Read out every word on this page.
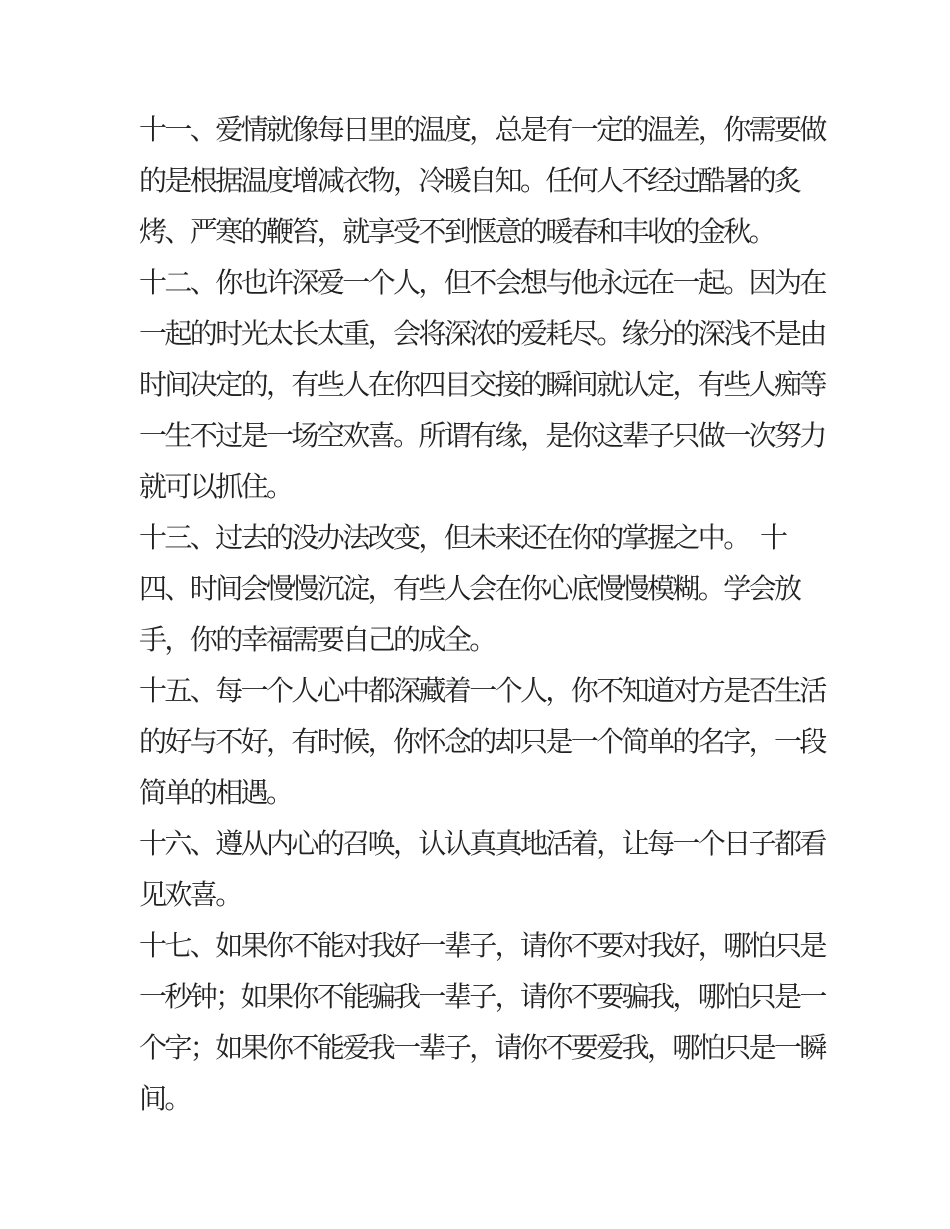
十一、爱情就像每日里的温度，总是有一定的温差，你需要做
的是根据温度增减衣物，冷暖自知。任何人不经过酷暑的炙
烤、严寒的鞭笞，就享受不到惬意的暖春和丰收的金秋。

十二、你也许深爱一个人，但不会想与他永远在一起。因为在
一起的时光太长太重，会将深浓的爱耗尽。缘分的深浅不是由
时间决定的，有些人在你四目交接的瞬间就认定，有些人痴等
一生不过是一场空欢喜。所谓有缘，是你这辈子只做一次努力
就可以抓住。

十三、过去的没办法改变，但未来还在你的掌握之中。　十
四、时间会慢慢沉淀，有些人会在你心底慢慢模糊。学会放
手，你的幸福需要自己的成全。

十五、每一个人心中都深藏着一个人，你不知道对方是否生活
的好与不好，有时候，你怀念的却只是一个简单的名字，一段
简单的相遇。

十六、遵从内心的召唤，认认真真地活着，让每一个日子都看
见欢喜。

十七、如果你不能对我好一辈子，请你不要对我好，哪怕只是
一秒钟；如果你不能骗我一辈子，请你不要骗我，哪怕只是一
个字；如果你不能爱我一辈子，请你不要爱我，哪怕只是一瞬
间。
